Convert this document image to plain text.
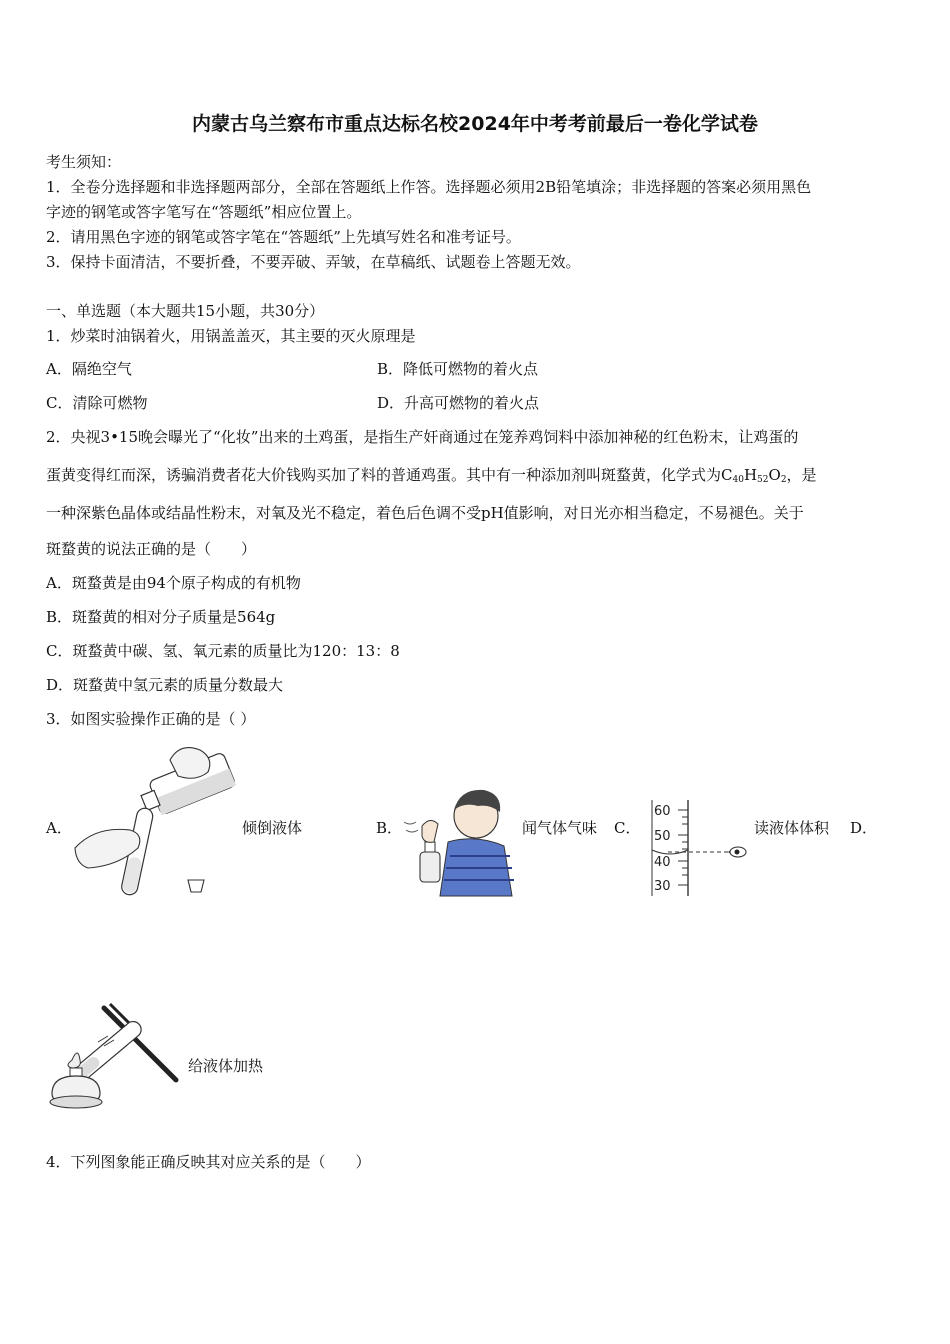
内蒙古乌兰察布市重点达标名校2024年中考考前最后一卷化学试卷
考生须知：
1．全卷分选择题和非选择题两部分，全部在答题纸上作答。选择题必须用2B铅笔填涂；非选择题的答案必须用黑色
字迹的钢笔或答字笔写在“答题纸”相应位置上。
2．请用黑色字迹的钢笔或答字笔在“答题纸”上先填写姓名和准考证号。
3．保持卡面清洁，不要折叠，不要弄破、弄皱，在草稿纸、试题卷上答题无效。
一、单选题（本大题共15小题，共30分）
1．炒菜时油锅着火，用锅盖盖灭，其主要的灭火原理是
A．隔绝空气	B．降低可燃物的着火点
C．清除可燃物	D．升高可燃物的着火点
2．央视3•15晚会曝光了“化妆”出来的土鸡蛋，是指生产奸商通过在笼养鸡饲料中添加神秘的红色粉末，让鸡蛋的
蛋黄变得红而深，诱骗消费者花大价钱购买加了料的普通鸡蛋。其中有一种添加剂叫斑蝥黄，化学式为$C_{40}H_{52}O_2$，是
一种深紫色晶体或结晶性粉末，对氧及光不稳定，着色后色调不受pH值影响，对日光亦相当稳定，不易褪色。关于
斑蝥黄的说法正确的是（　　）
A．斑蝥黄是由94个原子构成的有机物
B．斑蝥黄的相对分子质量是564g
C．斑蝥黄中碳、氢、氧元素的质量比为120：13：8
D．斑蝥黄中氢元素的质量分数最大
3．如图实验操作正确的是（ ）
A．	倾倒液体	B．	闻气体气味 C．
60
50
40
30
读液体体积 D．
给液体加热
4．下列图象能正确反映其对应关系的是（　　）
